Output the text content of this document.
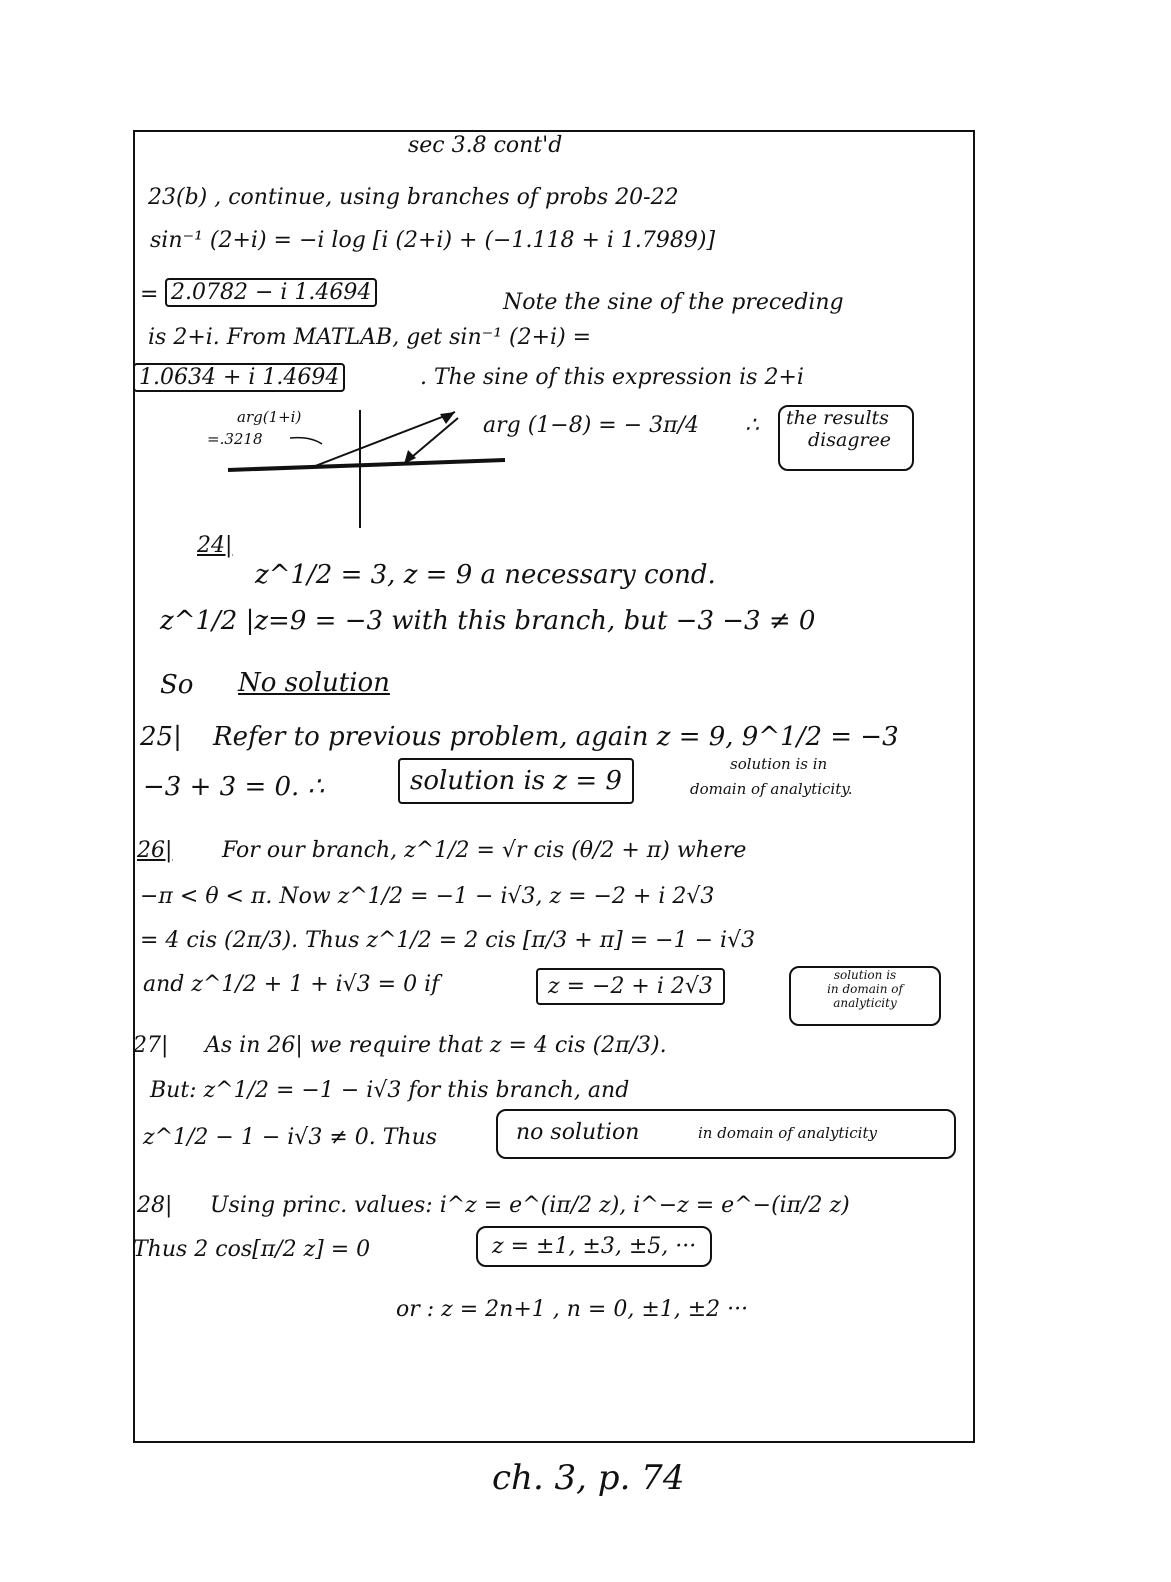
sec 3.8 cont'd
23(b) , continue, using branches of probs 20-22
sin⁻¹ (2+i) = −i log [i (2+i) + (−1.118 + i 1.7989)]
= 2.0782 − i 1.4694	Note the sine of the preceding
is 2+i. From MATLAB, get sin⁻¹ (2+i) =
1.0634 + i 1.4694	. The sine of this expression is 2+i
arg(1+i)
=.3218
arg (1−8) = − 3π/4 ∴ the results
disagree
24|
z^1/2 = 3, z = 9 a necessary cond.
z^1/2 |z=9 = −3 with this branch, but −3 −3 ≠ 0
So No solution
25| Refer to previous problem, again z = 9, 9^1/2 = −3
−3 + 3 = 0. ∴	solution is z = 9
solution is in
domain of analyticity.
26| For our branch, z^1/2 = √r cis (θ/2 + π) where
−π < θ < π. Now z^1/2 = −1 − i√3, z = −2 + i 2√3
= 4 cis (2π/3). Thus z^1/2 = 2 cis [π/3 + π] = −1 − i√3
and z^1/2 + 1 + i√3 = 0 if	z = −2 + i 2√3	solution is
in domain of
analyticity
27| As in 26| we require that z = 4 cis (2π/3).
But: z^1/2 = −1 − i√3 for this branch, and
z^1/2 − 1 − i√3 ≠ 0. Thus	no solution	in domain of analyticity
28| Using princ. values: i^z = e^(iπ/2 z), i^−z = e^−(iπ/2 z)
Thus 2 cos[π/2 z] = 0	z = ±1, ±3, ±5, ···
or : z = 2n+1 , n = 0, ±1, ±2 ···
ch. 3, p. 74
